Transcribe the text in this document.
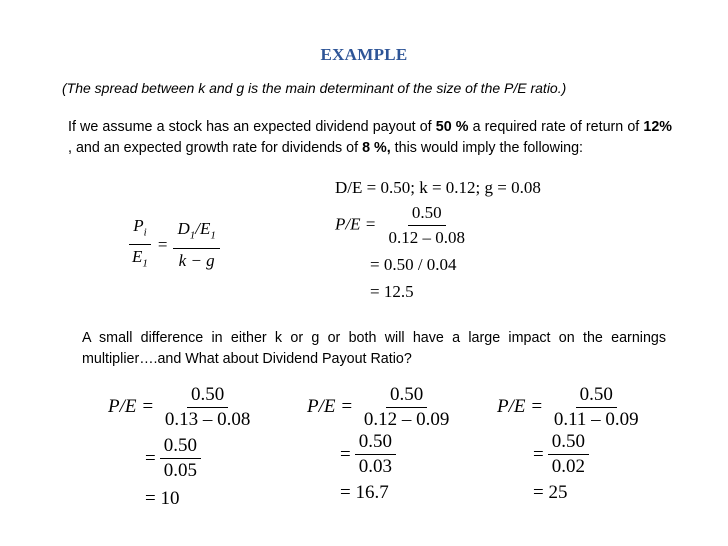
EXAMPLE
(The spread between k and g is the main determinant of the size of the P/E ratio.)
If we assume a stock has an expected dividend payout of 50 % a required rate of return of 12% , and an expected growth rate for dividends of 8 %, this would imply the following:
$\frac{P_i}{E_1} = \frac{D_1/E_1}{k - g}$
D/E = 0.50; k = 0.12; g = 0.08
$P/E = \frac{0.50}{0.12 - 0.08}$
= 0.50 / 0.04
= 12.5
A small difference in either k or g or both will have a large impact on the earnings multiplier….and What about Dividend Payout Ratio?
$P/E = \frac{0.50}{0.13 - 0.08}$
= $\frac{0.50}{0.05}$
= 10
$P/E = \frac{0.50}{0.12 - 0.09}$
= $\frac{0.50}{0.03}$
= 16.7
$P/E = \frac{0.50}{0.11 - 0.09}$
= $\frac{0.50}{0.02}$
= 25
